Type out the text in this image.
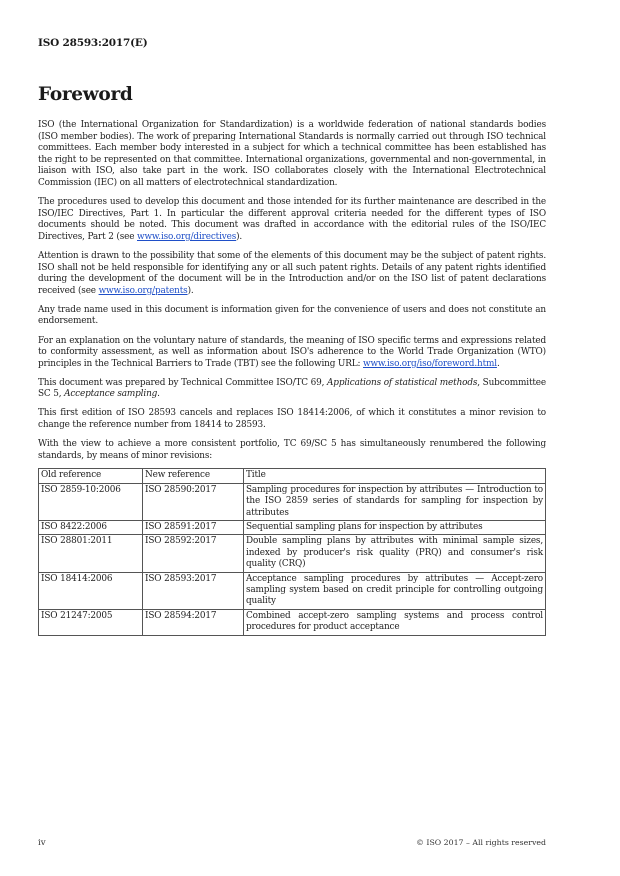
ISO 28593:2017(E)
Foreword

ISO (the International Organization for Standardization) is a worldwide federation of national standards bodies (ISO member bodies). The work of preparing International Standards is normally carried out through ISO technical committees. Each member body interested in a subject for which a technical committee has been established has the right to be represented on that committee. International organizations, governmental and non-governmental, in liaison with ISO, also take part in the work. ISO collaborates closely with the International Electrotechnical Commission (IEC) on all matters of electrotechnical standardization.

The procedures used to develop this document and those intended for its further maintenance are described in the ISO/IEC Directives, Part 1. In particular the different approval criteria needed for the different types of ISO documents should be noted. This document was drafted in accordance with the editorial rules of the ISO/IEC Directives, Part 2 (see www.iso.org/directives).

Attention is drawn to the possibility that some of the elements of this document may be the subject of patent rights. ISO shall not be held responsible for identifying any or all such patent rights. Details of any patent rights identified during the development of the document will be in the Introduction and/or on the ISO list of patent declarations received (see www.iso.org/patents).

Any trade name used in this document is information given for the convenience of users and does not constitute an endorsement.

For an explanation on the voluntary nature of standards, the meaning of ISO specific terms and expressions related to conformity assessment, as well as information about ISO's adherence to the World Trade Organization (WTO) principles in the Technical Barriers to Trade (TBT) see the following URL: www.iso.org/iso/foreword.html.

This document was prepared by Technical Committee ISO/TC 69, Applications of statistical methods, Subcommittee SC 5, Acceptance sampling.

This first edition of ISO 28593 cancels and replaces ISO 18414:2006, of which it constitutes a minor revision to change the reference number from 18414 to 28593.

With the view to achieve a more consistent portfolio, TC 69/SC 5 has simultaneously renumbered the following standards, by means of minor revisions:

Old reference	New reference	Title
ISO 2859-10:2006	ISO 28590:2017	Sampling procedures for inspection by attributes — Introduction to the ISO 2859 series of standards for sampling for inspection by attributes
ISO 8422:2006	ISO 28591:2017	Sequential sampling plans for inspection by attributes
ISO 28801:2011	ISO 28592:2017	Double sampling plans by attributes with minimal sample sizes, indexed by producer's risk quality (PRQ) and consumer's risk quality (CRQ)
ISO 18414:2006	ISO 28593:2017	Acceptance sampling procedures by attributes — Accept-zero sampling system based on credit principle for controlling outgoing quality
ISO 21247:2005	ISO 28594:2017	Combined accept-zero sampling systems and process control procedures for product acceptance
iv	© ISO 2017 – All rights reserved
